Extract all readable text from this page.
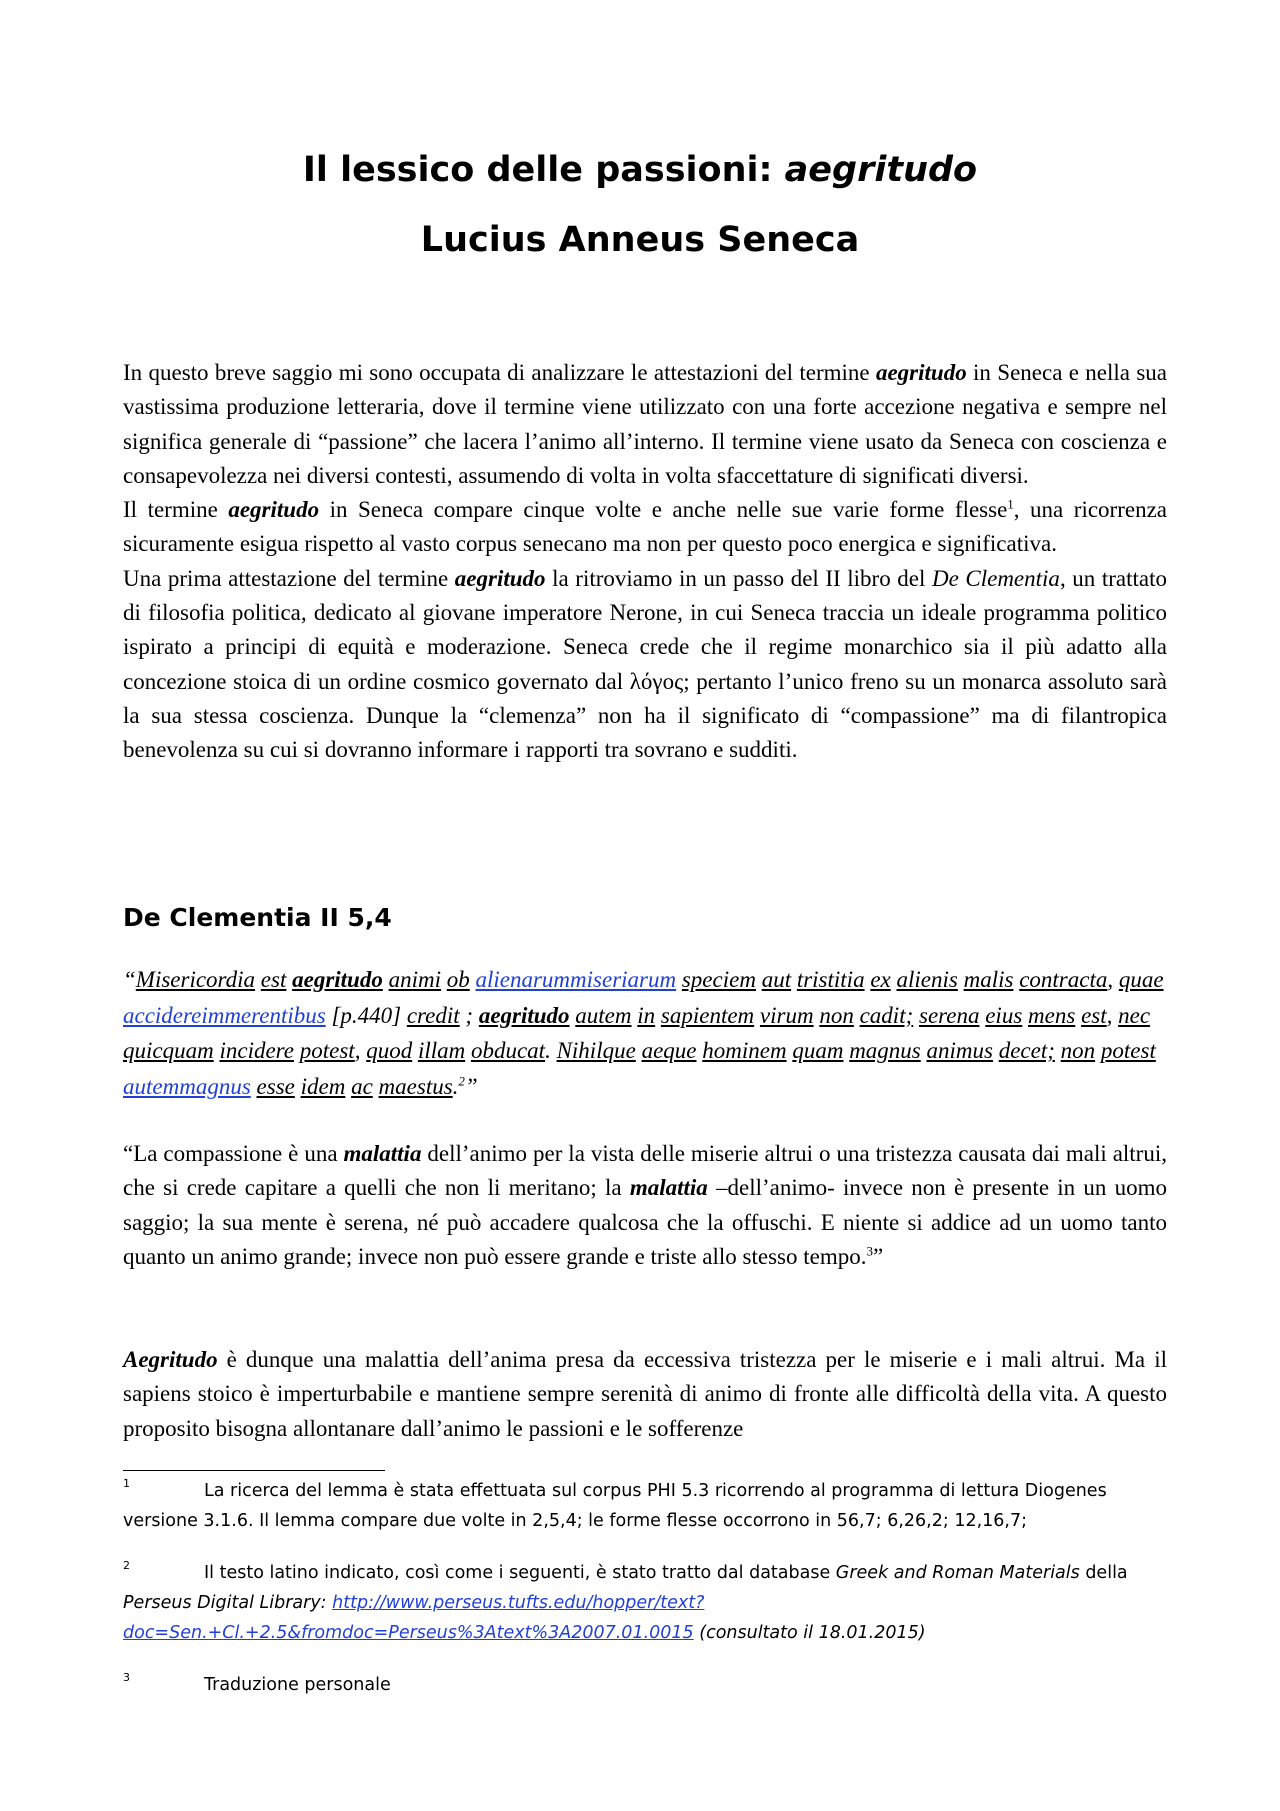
Il lessico delle passioni: aegritudo
Lucius Anneus Seneca
In questo breve saggio mi sono occupata di analizzare le attestazioni del termine aegritudo in Seneca e nella sua vastissima produzione letteraria, dove il termine viene utilizzato con una forte accezione negativa e sempre nel significa generale di “passione” che lacera l’animo all’interno. Il termine viene usato da Seneca con coscienza e consapevolezza nei diversi contesti, assumendo di volta in volta sfaccettature di significati diversi.
Il termine aegritudo in Seneca compare cinque volte e anche nelle sue varie forme flesse$^1$, una ricorrenza sicuramente esigua rispetto al vasto corpus senecano ma non per questo poco energica e significativa.
Una prima attestazione del termine aegritudo la ritroviamo in un passo del II libro del De Clementia, un trattato di filosofia politica, dedicato al giovane imperatore Nerone, in cui Seneca traccia un ideale programma politico ispirato a principi di equità e moderazione. Seneca crede che il regime monarchico sia il più adatto alla concezione stoica di un ordine cosmico governato dal λόγος; pertanto l’unico freno su un monarca assoluto sarà la sua stessa coscienza. Dunque la “clemenza” non ha il significato di “compassione” ma di filantropica benevolenza su cui si dovranno informare i rapporti tra sovrano e sudditi.
De Clementia II 5,4
“Misericordia est aegritudo animi ob alienarummiseriarum speciem aut tristitia ex alienis malis contracta, quae accidereimmerentibus [p.440] credit ; aegritudo autem in sapientem virum non cadit; serena eius mens est, nec quicquam incidere potest, quod illam obducat. Nihilque aeque hominem quam magnus animus decet; non potest autemmagnus esse idem ac maestus.$^2$”
“La compassione è una malattia dell’animo per la vista delle miserie altrui o una tristezza causata dai mali altrui, che si crede capitare a quelli che non li meritano; la malattia –dell’animo- invece non è presente in un uomo saggio; la sua mente è serena, né può accadere qualcosa che la offuschi. E niente si addice ad un uomo tanto quanto un animo grande; invece non può essere grande e triste allo stesso tempo.$^3$”
Aegritudo è dunque una malattia dell’anima presa da eccessiva tristezza per le miserie e i mali altrui. Ma il sapiens stoico è imperturbabile e mantiene sempre serenità di animo di fronte alle difficoltà della vita. A questo proposito bisogna allontanare dall’animo le passioni e le sofferenze
1	La ricerca del lemma è stata effettuata sul corpus PHI 5.3 ricorrendo al programma di lettura Diogenes versione 3.1.6. Il lemma compare due volte in 2,5,4; le forme flesse occorrono in 56,7; 6,26,2; 12,16,7;
2	Il testo latino indicato, così come i seguenti, è stato tratto dal database Greek and Roman Materials della Perseus Digital Library: http://www.perseus.tufts.edu/hopper/text?doc=Sen.+Cl.+2.5&fromdoc=Perseus%3Atext%3A2007.01.0015 (consultato il 18.01.2015)
3	Traduzione personale
